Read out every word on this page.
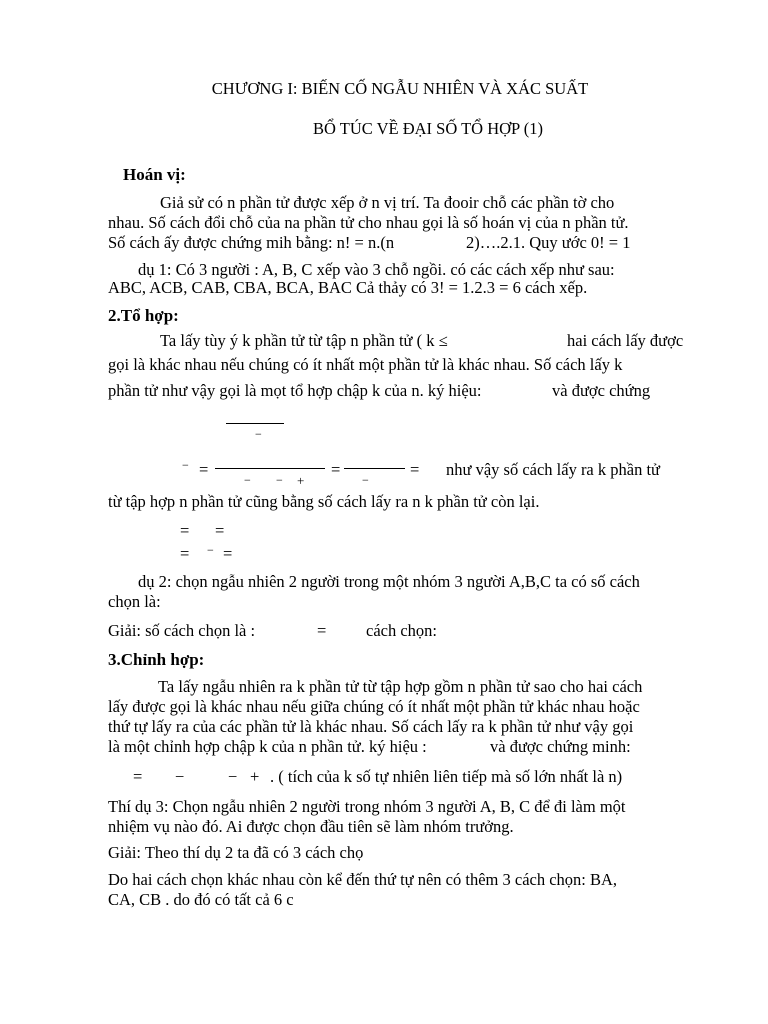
CHƯƠNG I: BIẾN CỐ NGẪU NHIÊN VÀ XÁC SUẤT
BỔ TÚC VỀ ĐẠI SỐ TỔ HỢP (1)
Hoán vị:
Giả sử có n phần tử được xếp ở n vị trí. Ta đooir chỗ các phần tờ cho
nhau. Số cách đổi chỗ của na phần tử cho nhau gọi là số hoán vị của n phần tử.
Số cách ấy được chứng mih bằng: n! = n.(n	2)….2.1. Quy ước 0! = 1
dụ 1: Có 3 người : A, B, C xếp vào 3 chỗ ngồi. có các cách xếp như sau:
ABC, ACB, CAB, CBA, BCA, BAC Cả thảy có 3! = 1.2.3 = 6 cách xếp.
2.Tổ hợp:
Ta lấy tùy ý k phần tử từ tập n phần tử ( k ≤	hai cách lấy được
gọi là khác nhau nếu chúng có ít nhất một phần tử là khác nhau. Số cách lấy k
phần tử như vậy gọi là mọt tổ hợp chập k của n. ký hiệu:	và được chứng
−
− =	=	=
− − +	−
như vậy số cách lấy ra k phần tử
từ tập hợp n phần tử cũng bằng số cách lấy ra n k phần tử còn lại.
= =
−
= =
dụ 2: chọn ngẫu nhiên 2 người trong một nhóm 3 người A,B,C ta có số cách
chọn là:
Giải: số cách chọn là :	= cách chọn:
3.Chỉnh hợp:
Ta lấy ngẫu nhiên ra k phần tử từ tập hợp gồm n phần tử sao cho hai cách
lấy được gọi là khác nhau nếu giữa chúng có ít nhất một phần tử khác nhau hoặc
thứ tự lấy ra của các phần tử là khác nhau. Số cách lấy ra k phần tử như vậy gọi
là một chỉnh hợp chập k của n phần tử. ký hiệu :	và được chứng minh:
= −	− + . ( tích của k số tự nhiên liên tiếp mà số lớn nhất là n)
Thí dụ 3: Chọn ngẫu nhiên 2 người trong nhóm 3 người A, B, C để đi làm một
nhiệm vụ nào đó. Ai được chọn đầu tiên sẽ làm nhóm trưởng.
Giải: Theo thí dụ 2 ta đã có 3 cách chọ
Do hai cách chọn khác nhau còn kể đến thứ tự nên có thêm 3 cách chọn: BA,
CA, CB . do đó có tất cả 6 c
